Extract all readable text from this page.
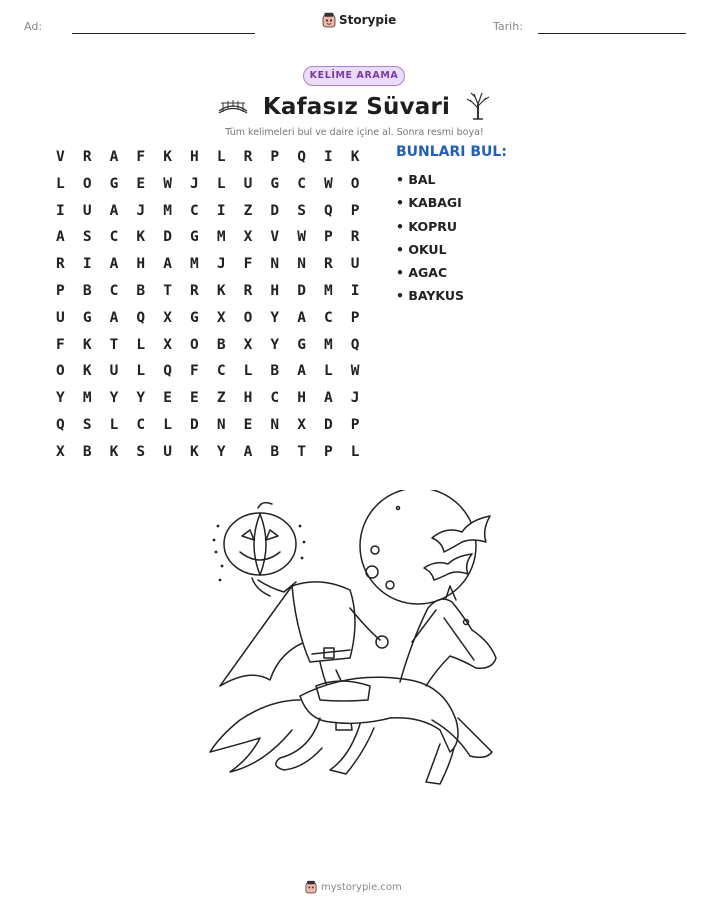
Ad:	Storypie	Tarih:
KELİME ARAMA
Kafasız Süvari
Tüm kelimeleri bul ve daire içine al. Sonra resmi boya!
V	R	A	F	K	H	L	R	P	Q	I	K
L	O	G	E	W	J	L	U	G	C	W	O
I	U	A	J	M	C	I	Z	D	S	Q	P
A	S	C	K	D	G	M	X	V	W	P	R
R	I	A	H	A	M	J	F	N	N	R	U
P	B	C	B	T	R	K	R	H	D	M	I
U	G	A	Q	X	G	X	O	Y	A	C	P
F	K	T	L	X	O	B	X	Y	G	M	Q
O	K	U	L	Q	F	C	L	B	A	L	W
Y	M	Y	Y	E	E	Z	H	C	H	A	J
Q	S	L	C	L	D	N	E	N	X	D	P
X	B	K	S	U	K	Y	A	B	T	P	L
BUNLARI BUL:
• BAL
• KABAGI
• KOPRU
• OKUL
• AGAC
• BAYKUS
mystorypie.com
